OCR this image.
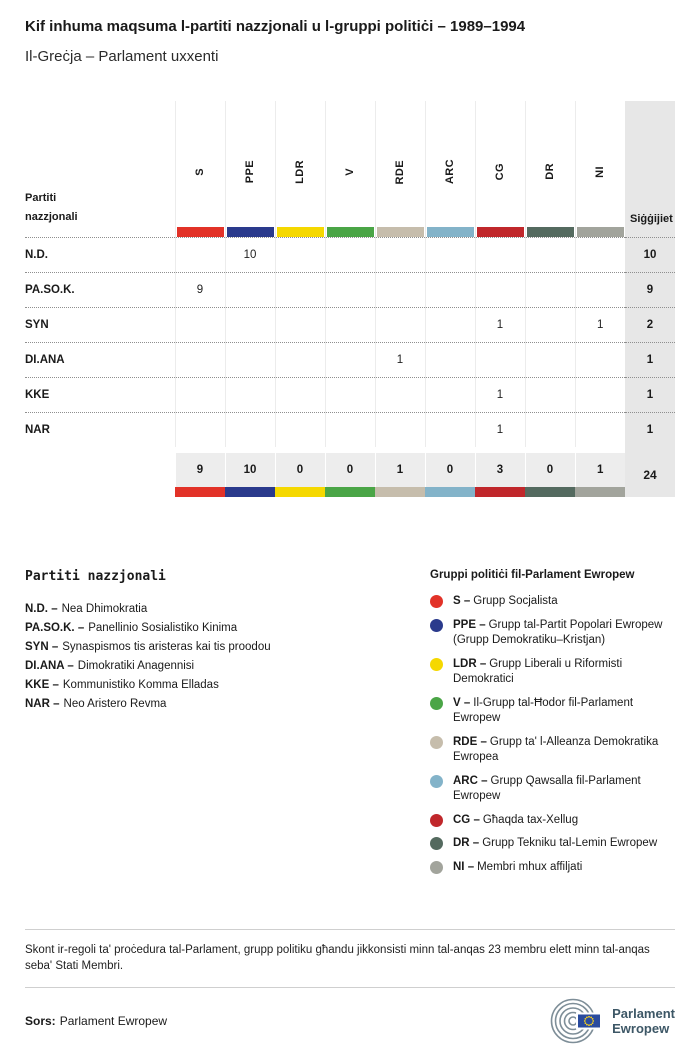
Kif inhuma maqsuma l-partiti nazzjonali u l-gruppi politiċi – 1989–1994
Il-Greċja – Parlament uxxenti
Partiti nazzjonali	S	PPE	LDR	V	RDE	ARC	CG	DR	NI	Siġġijiet

N.D.		10								10
PA.SO.K.	9									9
SYN							1		1	2
DI.ANA					1					1
KKE							1			1
NAR							1			1

	9	10	0	0	1	0	3	0	1	24

Partiti nazzjonali
N.D. – Nea Dhimokratia
PA.SO.K. – Panellinio Sosialistiko Kinima
SYN – Synaspismos tis aristeras kai tis proodou
DI.ANA – Dimokratiki Anagennisi
KKE – Kommunistiko Komma Elladas
NAR – Neo Aristero Revma
Gruppi politiċi fil-Parlament Ewropew
S – Grupp Socjalista
PPE – Grupp tal-Partit Popolari Ewropew (Grupp Demokratiku–Kristjan)
LDR – Grupp Liberali u Riformisti Demokratici
V – Il-Grupp tal-Ħodor fil-Parlament Ewropew
RDE – Grupp ta' l-Alleanza Demokratika Ewropea
ARC – Grupp Qawsalla fil-Parlament Ewropew
CG – Għaqda tax-Xellug
DR – Grupp Tekniku tal-Lemin Ewropew
NI – Membri mhux affiljati
Skont ir-regoli ta' proċedura tal-Parlament, grupp politiku għandu jikkonsisti minn tal-anqas 23 membru elett minn tal-anqas seba' Stati Membri.
Sors: Parlament Ewropew
Parlament
Ewropew
